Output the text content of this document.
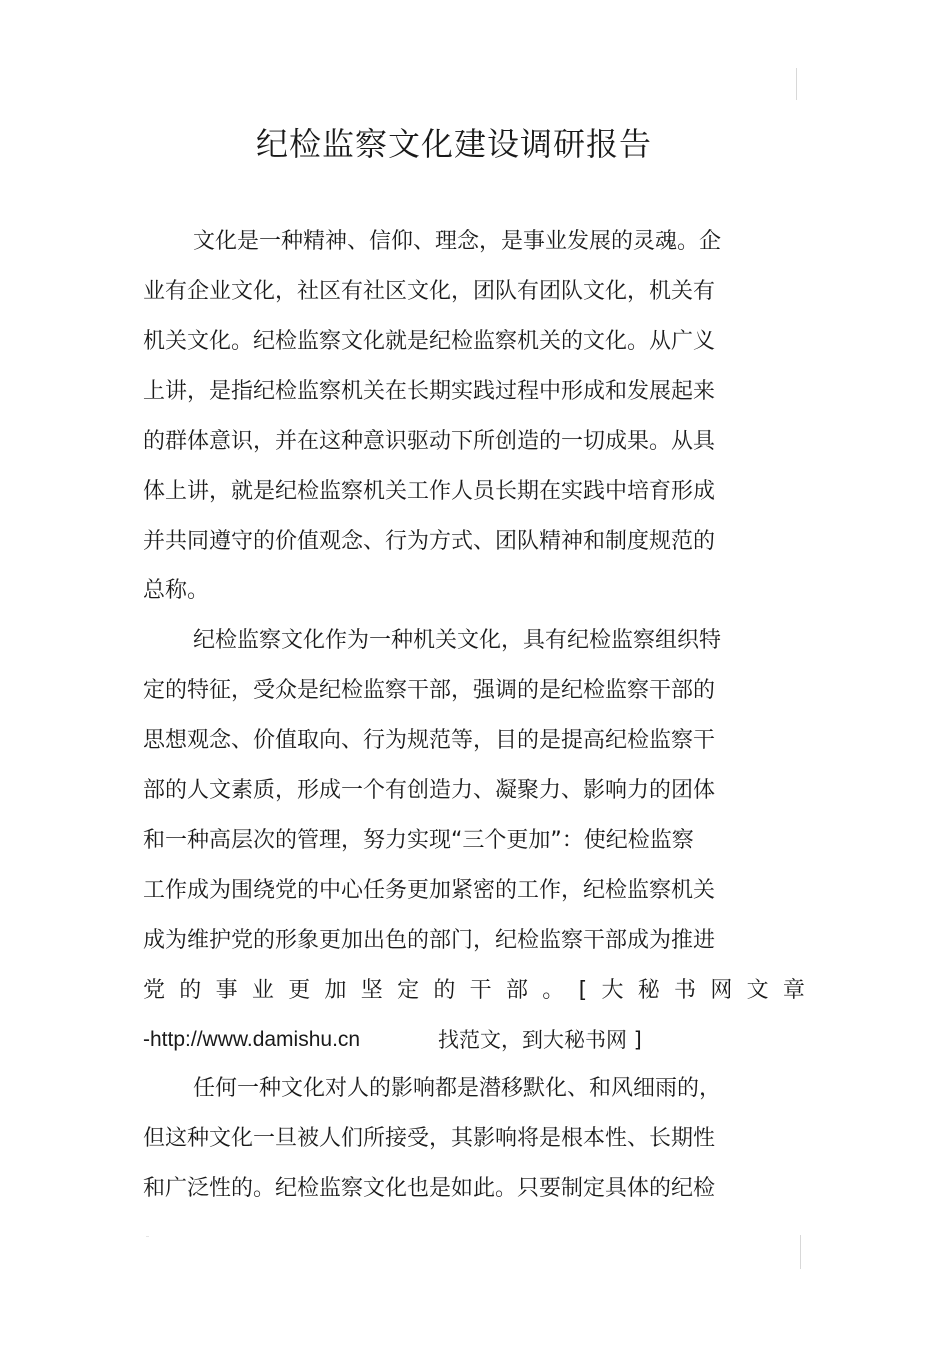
纪检监察文化建设调研报告
文化是一种精神、信仰、理念，是事业发展的灵魂。企
业有企业文化，社区有社区文化，团队有团队文化，机关有
机关文化。纪检监察文化就是纪检监察机关的文化。从广义
上讲，是指纪检监察机关在长期实践过程中形成和发展起来
的群体意识，并在这种意识驱动下所创造的一切成果。从具
体上讲，就是纪检监察机关工作人员长期在实践中培育形成
并共同遵守的价值观念、行为方式、团队精神和制度规范的
总称。
纪检监察文化作为一种机关文化，具有纪检监察组织特
定的特征，受众是纪检监察干部，强调的是纪检监察干部的
思想观念、价值取向、行为规范等，目的是提高纪检监察干
部的人文素质，形成一个有创造力、凝聚力、影响力的团体
和一种高层次的管理，努力实现“三个更加”：使纪检监察
工作成为围绕党的中心任务更加紧密的工作，纪检监察机关
成为维护党的形象更加出色的部门，纪检监察干部成为推进
党 的 事 业 更 加 坚 定 的 干 部 。 [ 大 秘 书 网 文 章
-http://www.damishu.cn	找范文，到大秘书网 ]
任何一种文化对人的影响都是潜移默化、和风细雨的，
但这种文化一旦被人们所接受，其影响将是根本性、长期性
和广泛性的。纪检监察文化也是如此。只要制定具体的纪检
